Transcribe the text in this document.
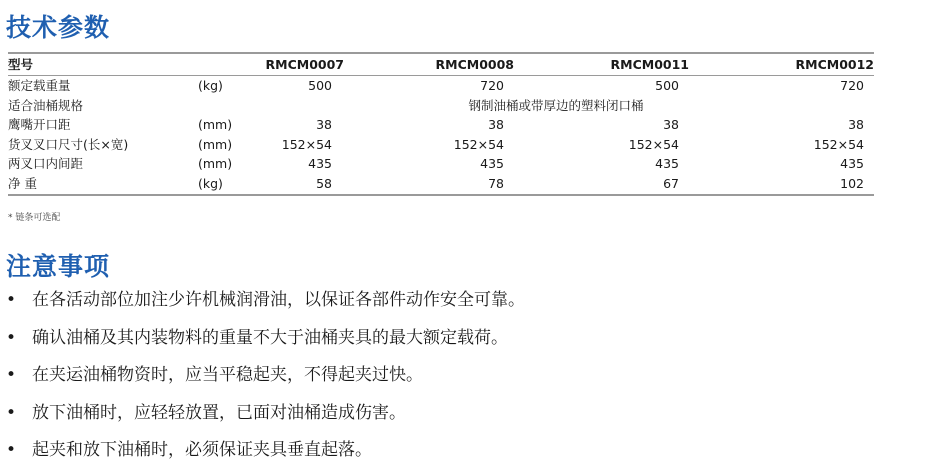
技术参数
型号		RMCM0007	RMCM0008	RMCM0011	RMCM0012
额定载重量	(kg)	500	720	500	720
适合油桶规格		钢制油桶或带厚边的塑料闭口桶			
鹰嘴开口距	(mm)	38	38	38	38
货叉叉口尺寸(长×宽)	(mm)	152×54	152×54	152×54	152×54
两叉口内间距	(mm)	435	435	435	435
净 重	(kg)	58	78	67	102
* 链条可选配
注意事项
• 在各活动部位加注少许机械润滑油，以保证各部件动作安全可靠。
• 确认油桶及其内装物料的重量不大于油桶夹具的最大额定载荷。
• 在夹运油桶物资时，应当平稳起夹，不得起夹过快。
• 放下油桶时，应轻轻放置，已面对油桶造成伤害。
• 起夹和放下油桶时，必须保证夹具垂直起落。
